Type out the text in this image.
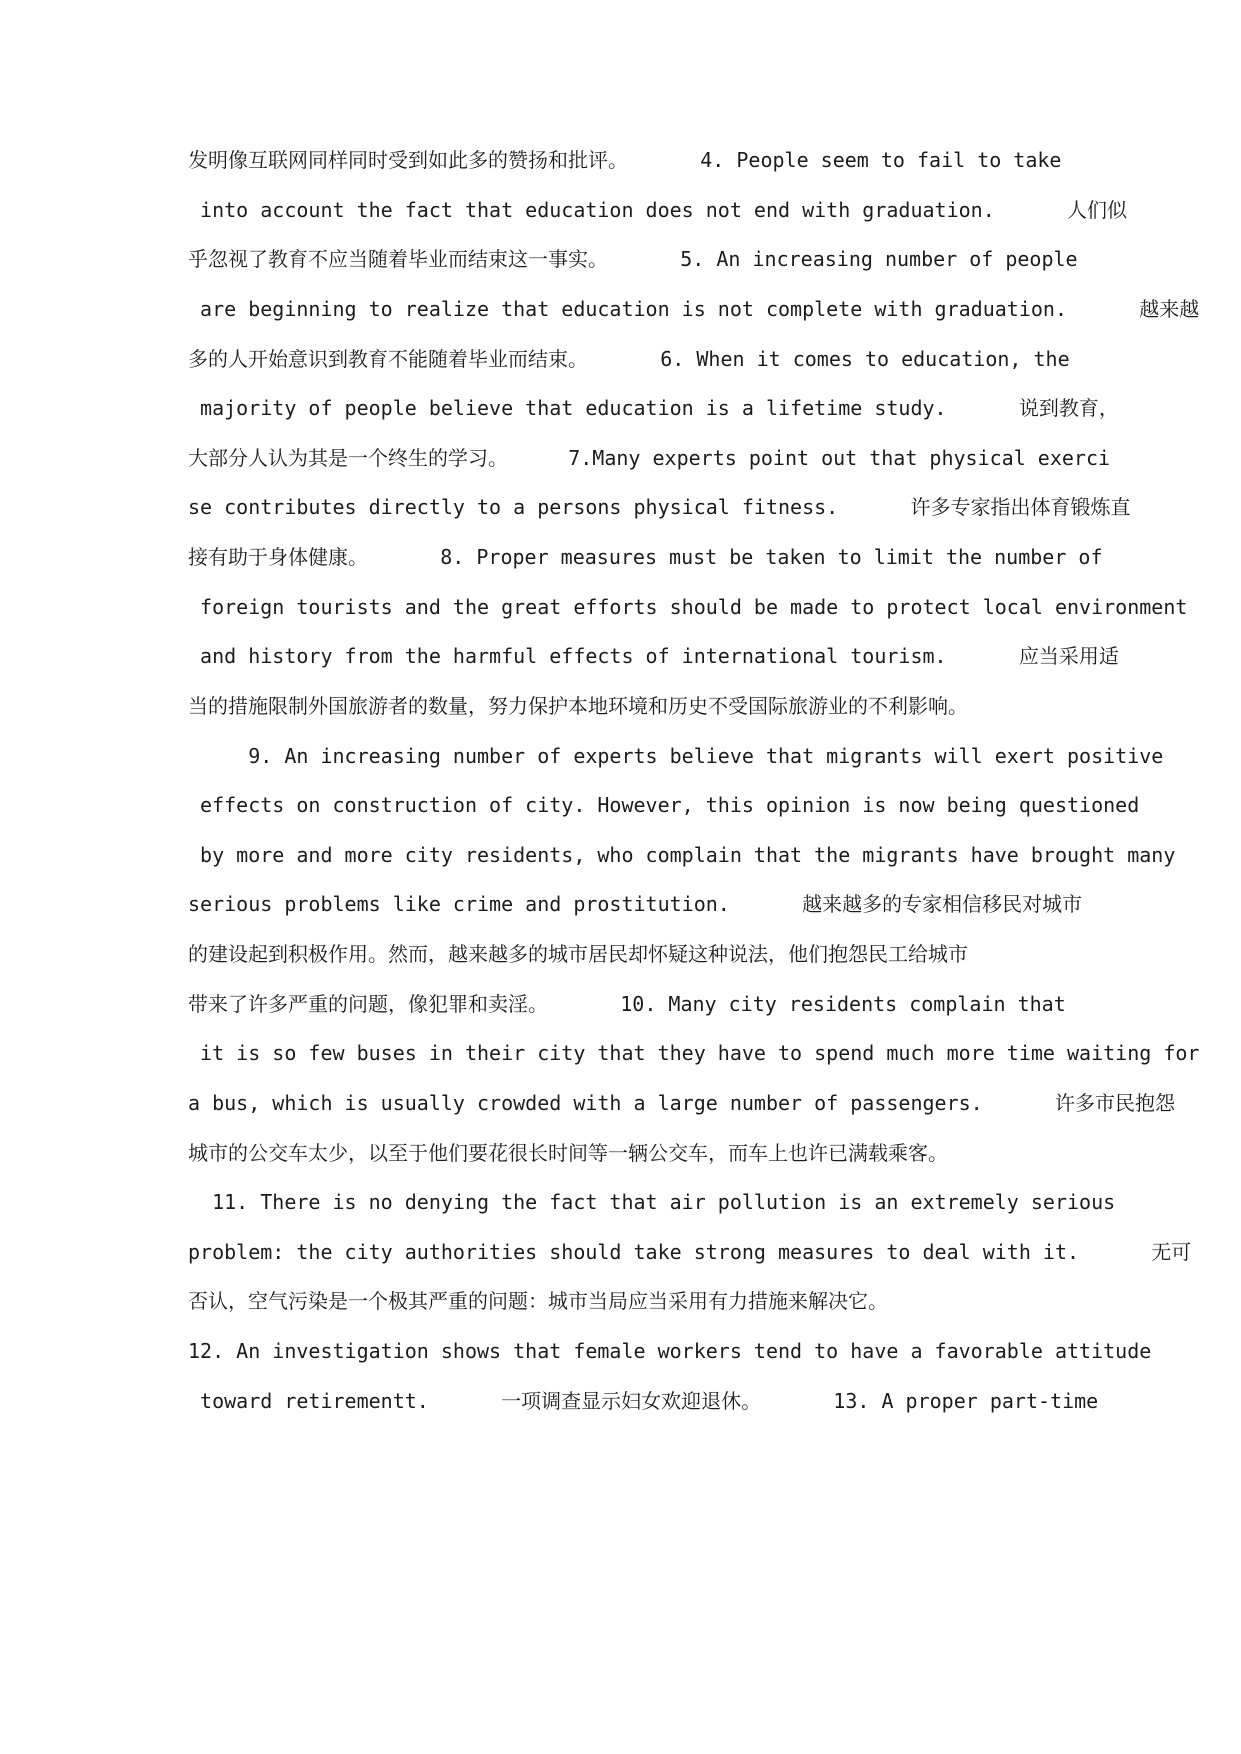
发明像互联网同样同时受到如此多的赞扬和批评。      4. People seem to fail to take
into account the fact that education does not end with graduation.      人们似
乎忽视了教育不应当随着毕业而结束这一事实。      5. An increasing number of people
are beginning to realize that education is not complete with graduation.      越来越
多的人开始意识到教育不能随着毕业而结束。      6. When it comes to education, the
majority of people believe that education is a lifetime study.      说到教育，
大部分人认为其是一个终生的学习。     7.Many experts point out that physical exerci
se contributes directly to a persons physical fitness.      许多专家指出体育锻炼直
接有助于身体健康。      8. Proper measures must be taken to limit the number of
foreign tourists and the great efforts should be made to protect local environment
and history from the harmful effects of international tourism.      应当采用适
当的措施限制外国旅游者的数量，努力保护本地环境和历史不受国际旅游业的不利影响。
9. An increasing number of experts believe that migrants will exert positive
effects on construction of city. However, this opinion is now being questioned
by more and more city residents, who complain that the migrants have brought many
serious problems like crime and prostitution.      越来越多的专家相信移民对城市
的建设起到积极作用。然而，越来越多的城市居民却怀疑这种说法，他们抱怨民工给城市
带来了许多严重的问题，像犯罪和卖淫。      10. Many city residents complain that
it is so few buses in their city that they have to spend much more time waiting for
a bus, which is usually crowded with a large number of passengers.      许多市民抱怨
城市的公交车太少，以至于他们要花很长时间等一辆公交车，而车上也许已满载乘客。
11. There is no denying the fact that air pollution is an extremely serious
problem: the city authorities should take strong measures to deal with it.      无可
否认，空气污染是一个极其严重的问题：城市当局应当采用有力措施来解决它。
12. An investigation shows that female workers tend to have a favorable attitude
toward retirementt.      一项调查显示妇女欢迎退休。      13. A proper part-time
